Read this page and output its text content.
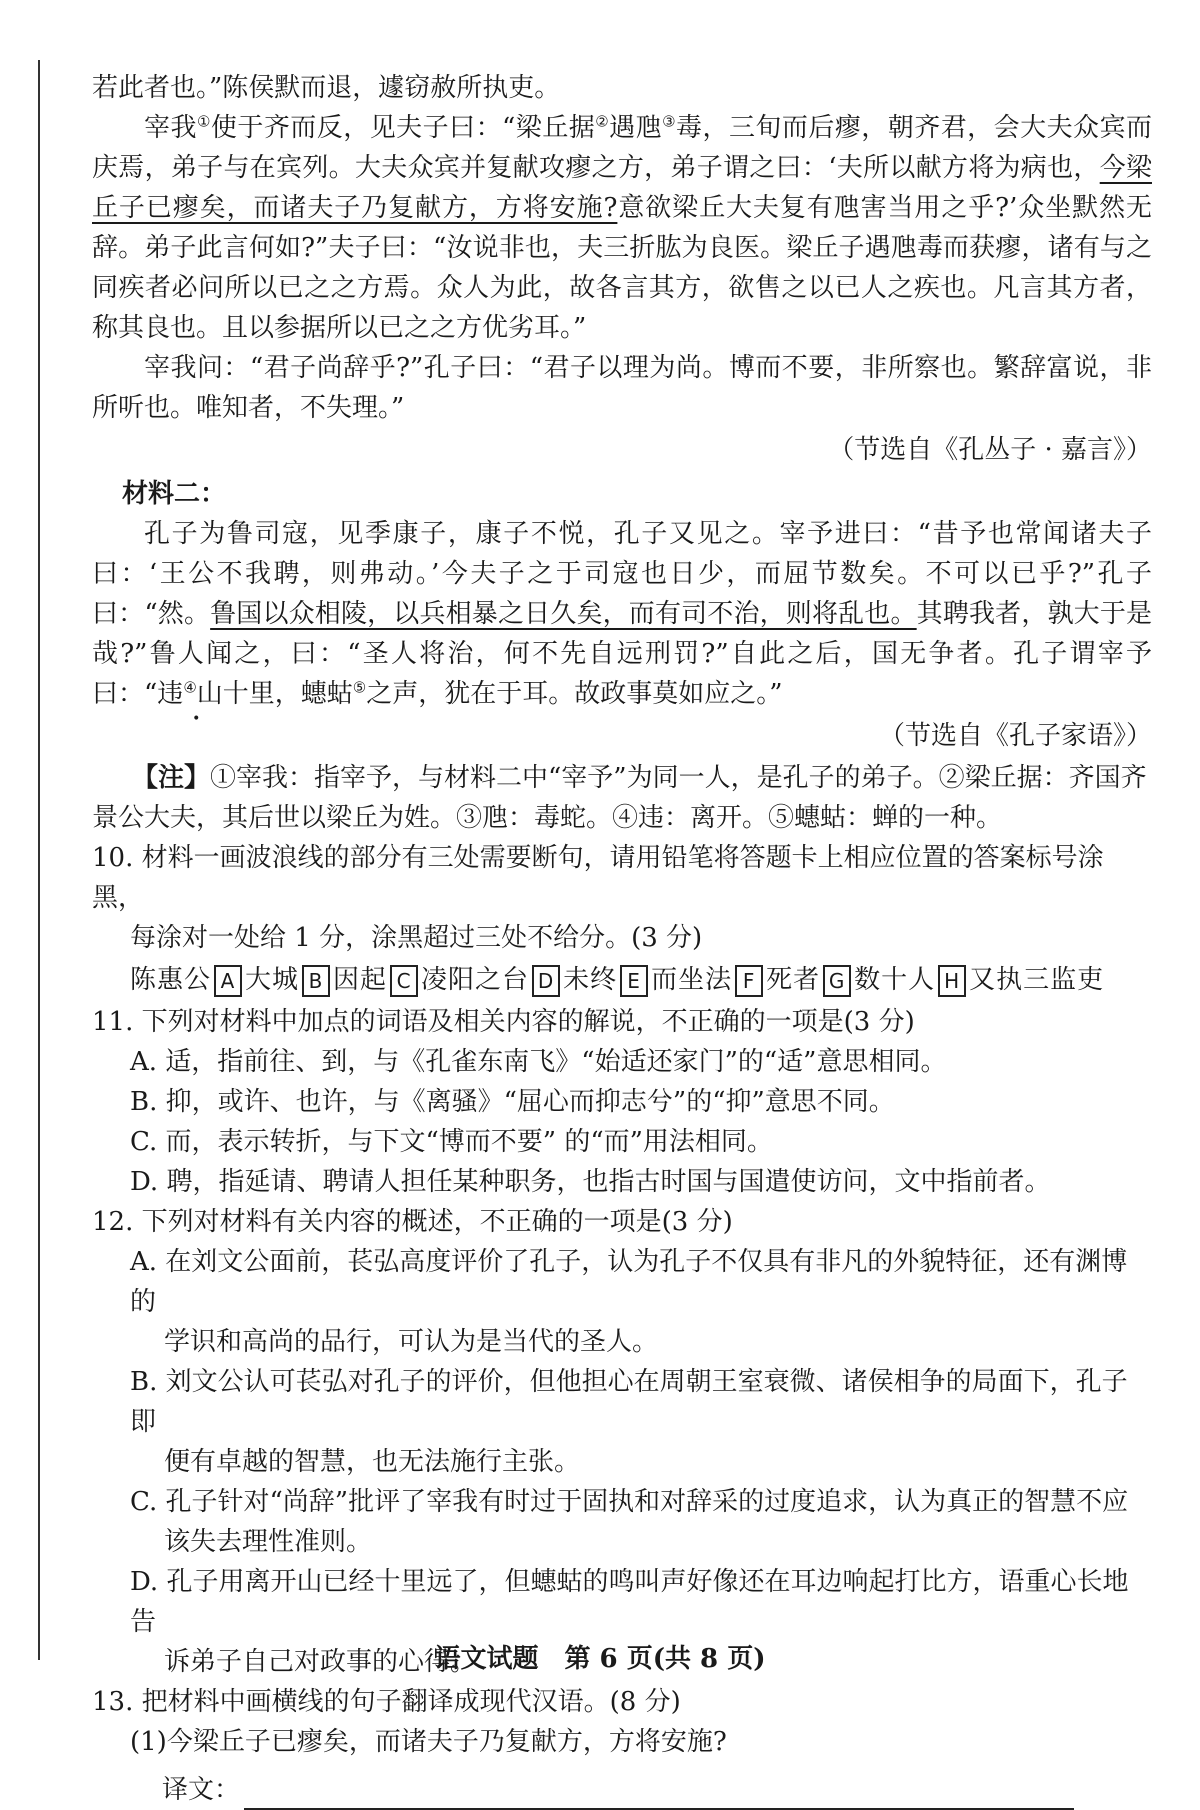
若此者也。”陈侯默而退，遽窃赦所执吏。

宰我①使于齐而反，见夫子曰：“梁丘据②遇虺③毒，三旬而后瘳，朝齐君，会大夫众宾而庆焉，弟子与在宾列。大夫众宾并复献攻瘳之方，弟子谓之曰：‘夫所以献方将为病也，今梁丘子已瘳矣，而诸夫子乃复献方，方将安施?意欲梁丘大夫复有虺害当用之乎?’众坐默然无辞。弟子此言何如?”夫子曰：“汝说非也，夫三折肱为良医。梁丘子遇虺毒而获瘳，诸有与之同疾者必问所以已之之方焉。众人为此，故各言其方，欲售之以已人之疾也。凡言其方者，称其良也。且以参据所以已之之方优劣耳。”

宰我问：“君子尚辞乎?”孔子曰：“君子以理为尚。博而不要，非所察也。繁辞富说，非所听也。唯知者，不失理。”

（节选自《孔丛子 · 嘉言》）

材料二：

孔子为鲁司寇，见季康子，康子不悦，孔子又见之。宰予进曰：“昔予也常闻诸夫子曰：‘王公不我聘，则弗动。’今夫子之于司寇也日少，而屈节数矣。不可以已乎?”孔子曰：“然。鲁国以众相陵，以兵相暴之日久矣，而有司不治，则将乱也。其聘我者，孰大于是哉?”鲁人闻之，曰：“圣人将治，何不先自远刑罚?”自此之后，国无争者。孔子谓宰予曰：“违④山十里，蟪蛄⑤之声，犹在于耳。故政事莫如应之。”

（节选自《孔子家语》）

【注】①宰我：指宰予，与材料二中“宰予”为同一人，是孔子的弟子。②梁丘据：齐国齐景公大夫，其后世以梁丘为姓。③虺：毒蛇。④违：离开。⑤蟪蛄：蝉的一种。

10. 材料一画波浪线的部分有三处需要断句，请用铅笔将答题卡上相应位置的答案标号涂黑，

每涂对一处给 1 分，涂黑超过三处不给分。(3 分)

陈惠公 A 大城 B 因起 C 凌阳之台 D 未终 E 而坐法 F 死者 G 数十人 H 又执三监吏

11. 下列对材料中加点的词语及相关内容的解说，不正确的一项是(3 分)

A. 适，指前往、到，与《孔雀东南飞》“始适还家门”的“适”意思相同。

B. 抑，或许、也许，与《离骚》“屈心而抑志兮”的“抑”意思不同。

C. 而，表示转折，与下文“博而不要” 的“而”用法相同。

D. 聘，指延请、聘请人担任某种职务，也指古时国与国遣使访问，文中指前者。

12. 下列对材料有关内容的概述，不正确的一项是(3 分)

A. 在刘文公面前，苌弘高度评价了孔子，认为孔子不仅具有非凡的外貌特征，还有渊博的

学识和高尚的品行，可认为是当代的圣人。

B. 刘文公认可苌弘对孔子的评价，但他担心在周朝王室衰微、诸侯相争的局面下，孔子即

便有卓越的智慧，也无法施行主张。

C. 孔子针对“尚辞”批评了宰我有时过于固执和对辞采的过度追求，认为真正的智慧不应

该失去理性准则。

D. 孔子用离开山已经十里远了，但蟪蛄的鸣叫声好像还在耳边响起打比方，语重心长地告

诉弟子自己对政事的心得。

13. 把材料中画横线的句子翻译成现代汉语。(8 分)

(1)今梁丘子已瘳矣，而诸夫子乃复献方，方将安施?

译文：
语文试题　第 6 页(共 8 页)
